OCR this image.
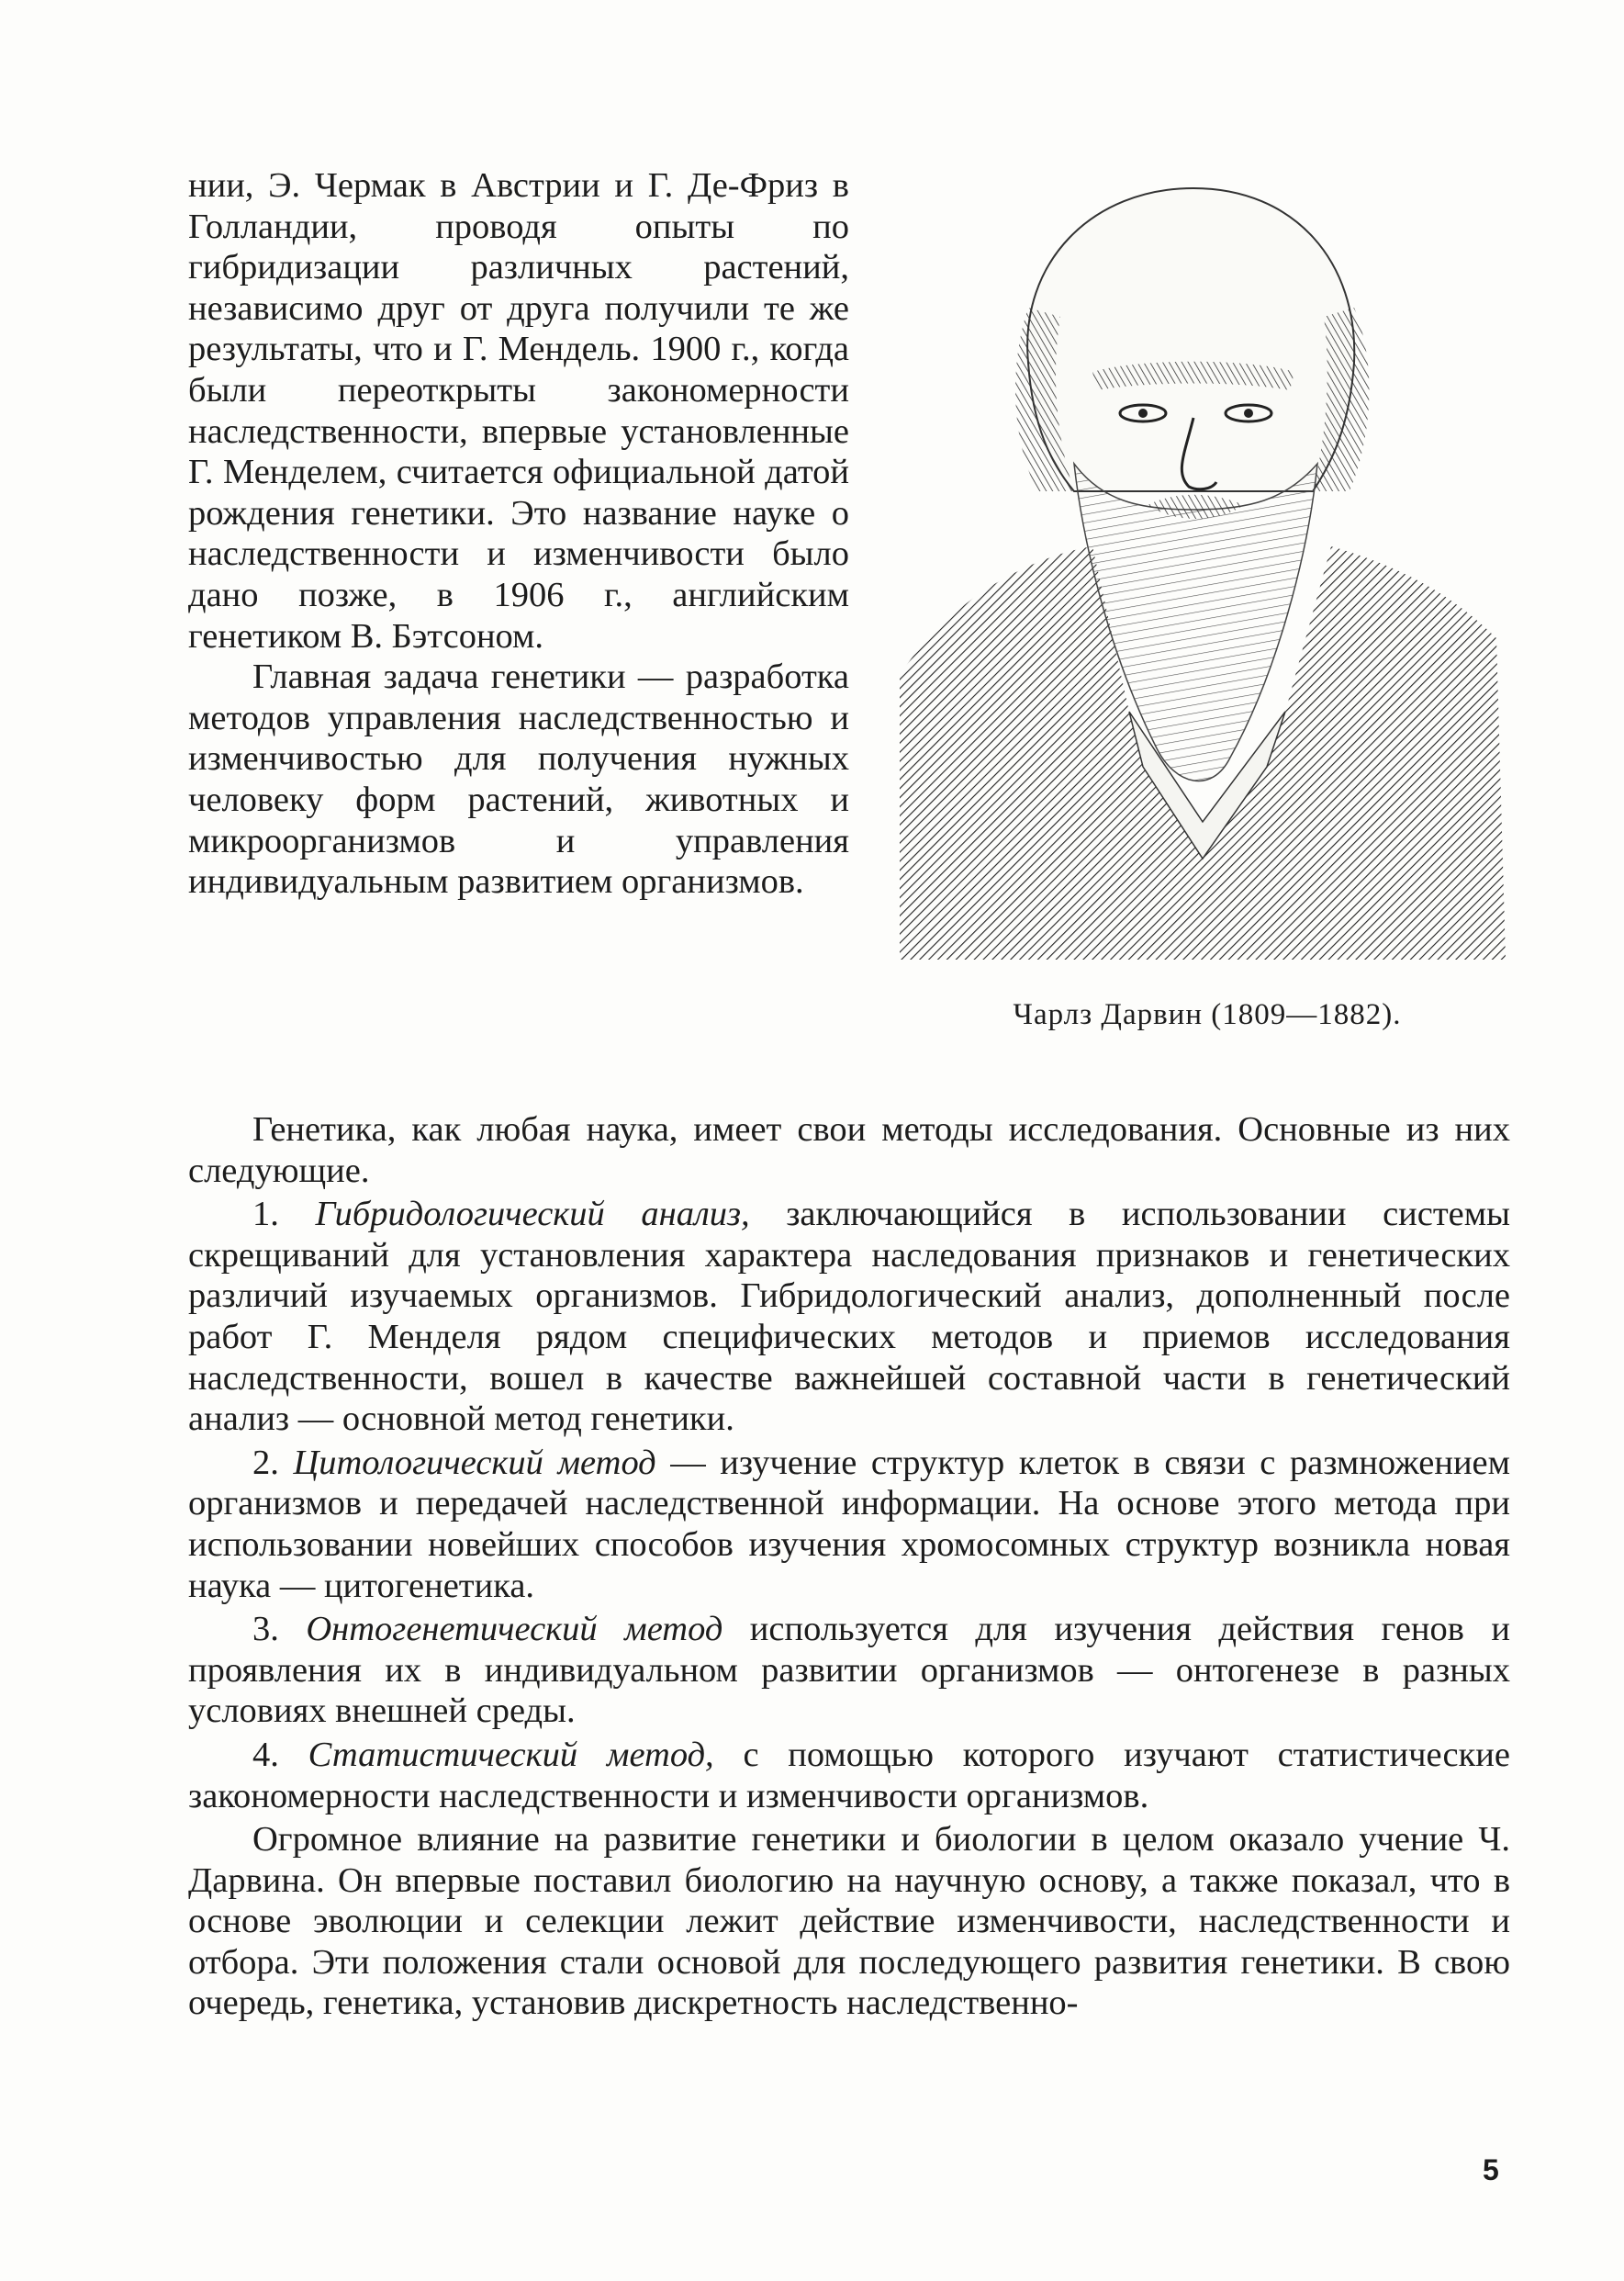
нии, Э. Чермак в Австрии и Г. Де-Фриз в Голландии, проводя опыты по гибридизации различных растений, независимо друг от друга получили те же результаты, что и Г. Мендель. 1900 г., когда были переоткрыты закономерности наследственности, впервые установленные Г. Менделем, считается официальной датой рождения генетики. Это название науке о наследственности и изменчивости было дано позже, в 1906 г., английским генетиком В. Бэтсоном.

Главная задача генетики — разработка методов управления наследственностью и изменчивостью для получения нужных человеку форм растений, животных и микроорганизмов и управления индивидуальным развитием организмов.

Чарлз Дарвин (1809—1882).

Генетика, как любая наука, имеет свои методы исследования. Основные из них следующие.

1. Гибридологический анализ, заключающийся в использовании системы скрещиваний для установления характера наследования признаков и генетических различий изучаемых организмов. Гибридологический анализ, дополненный после работ Г. Менделя рядом специфических методов и приемов исследования наследственности, вошел в качестве важнейшей составной части в генетический анализ — основной метод генетики.

2. Цитологический метод — изучение структур клеток в связи с размножением организмов и передачей наследственной информации. На основе этого метода при использовании новейших способов изучения хромосомных структур возникла новая наука — цитогенетика.

3. Онтогенетический метод используется для изучения действия генов и проявления их в индивидуальном развитии организмов — онтогенезе в разных условиях внешней среды.

4. Статистический метод, с помощью которого изучают статистические закономерности наследственности и изменчивости организмов.

Огромное влияние на развитие генетики и биологии в целом оказало учение Ч. Дарвина. Он впервые поставил биологию на научную основу, а также показал, что в основе эволюции и селекции лежит действие изменчивости, наследственности и отбора. Эти положения стали основой для последующего развития генетики. В свою очередь, генетика, установив дискретность наследственно-

5
